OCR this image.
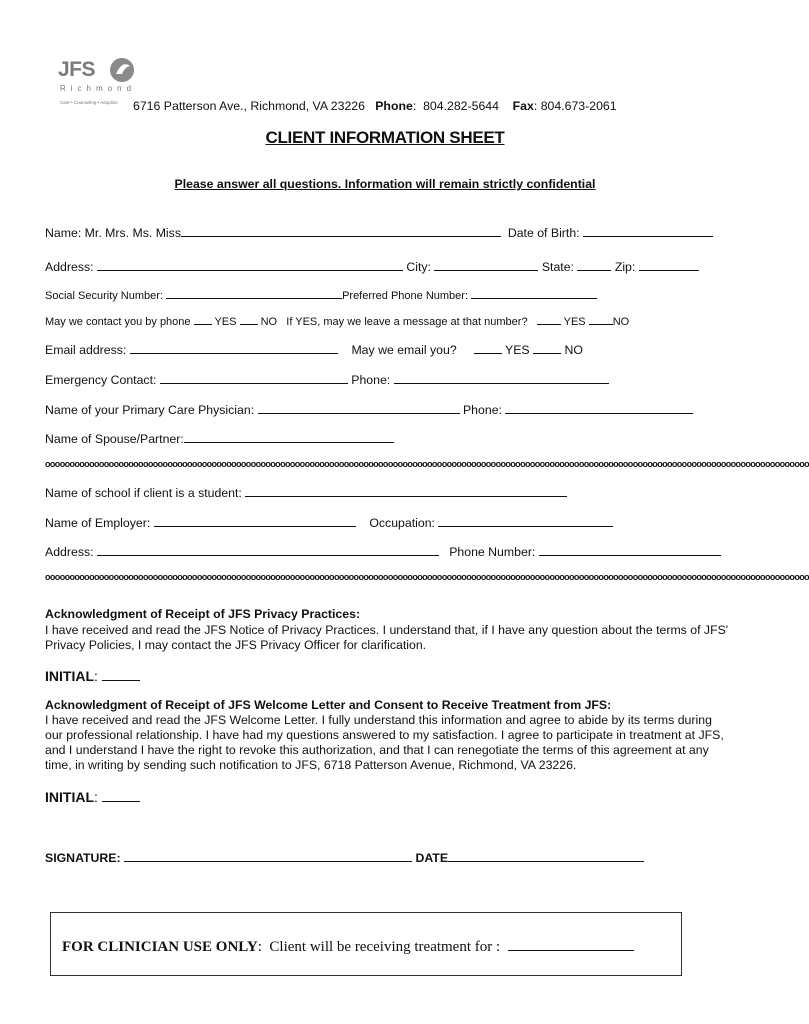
JFS
Richmond
Care • Counseling • Adoption 6716 Patterson Ave., Richmond, VA 23226 Phone:  804.282-5644 Fax: 804.673-2061
CLIENT INFORMATION SHEET
Please answer all questions. Information will remain strictly confidential
Name: Mr. Mrs. Ms. Miss	Date of Birth:
Address:	City:	State:	Zip:
Social Security Number:	Preferred Phone Number:
May we contact you by phone YES NO If YES, may we leave a message at that number?	YES NO
Email address:	May we email you?	YES	NO
Emergency Contact:	Phone:
Name of your Primary Care Physician:	Phone:
Name of Spouse/Partner:
oooooooooooooooooooooooooooooooooooooooooooooooooooooooooooooooooooooooooooooooooooooooooooooooooooooooooooooooooooooooooooooooooooooooooooooooooooooooooooo
Name of school if client is a student:
Name of Employer:	Occupation:
Address:	Phone Number:
oooooooooooooooooooooooooooooooooooooooooooooooooooooooooooooooooooooooooooooooooooooooooooooooooooooooooooooooooooooooooooooooooooooooooooooooooooooooooooo
Acknowledgment of Receipt of JFS Privacy Practices:
I have received and read the JFS Notice of Privacy Practices. I understand that, if I have any question about the terms of JFS' Privacy Policies, I may contact the JFS Privacy Officer for clarification.
INITIAL:
Acknowledgment of Receipt of JFS Welcome Letter and Consent to Receive Treatment from JFS:
I have received and read the JFS Welcome Letter. I fully understand this information and agree to abide by its terms during our professional relationship. I have had my questions answered to my satisfaction. I agree to participate in treatment at JFS, and I understand I have the right to revoke this authorization, and that I can renegotiate the terms of this agreement at any time, in writing by sending such notification to JFS, 6718 Patterson Avenue, Richmond, VA 23226.
INITIAL:
SIGNATURE:	DATE
FOR CLINICIAN USE ONLY:  Client will be receiving treatment for :
